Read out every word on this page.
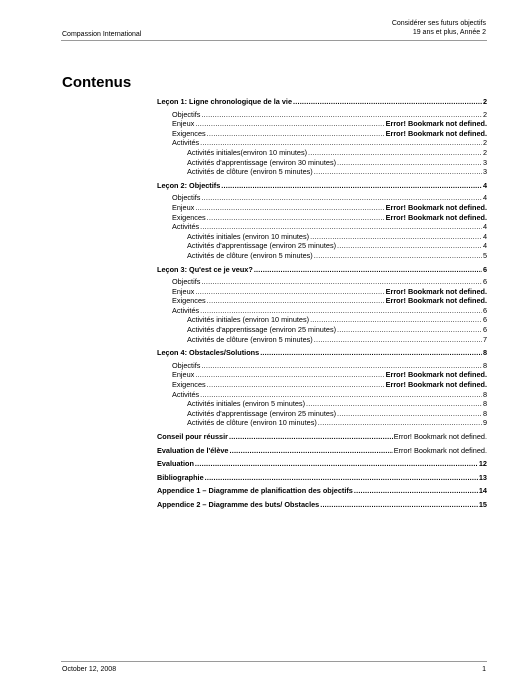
Compassion International
Considérer ses futurs objectifs
19 ans et plus, Année 2
Contenus
Leçon 1: Ligne chronologique de la vie .....	2
Objectifs .....	2
Enjeux .....	Error! Bookmark not defined.
Exigences .....	Error! Bookmark not defined.
Activités .....	2
Activités initiales(environ 10 minutes) .....	2
Activités d'apprentissage (environ 30 minutes) .....	3
Activités de clôture (environ 5 minutes) .....	3
Leçon 2: Objectifs .....	4
Objectifs .....	4
Enjeux .....	Error! Bookmark not defined.
Exigences .....	Error! Bookmark not defined.
Activités .....	4
Activités initiales (environ 10 minutes) .....	4
Activités d'apprentissage (environ 25 minutes) .....	4
Activités de clôture (environ 5 minutes) .....	5
Leçon 3: Qu'est ce je veux? .....	6
Objectifs .....	6
Enjeux .....	Error! Bookmark not defined.
Exigences .....	Error! Bookmark not defined.
Activités .....	6
Activités initiales (environ 10 minutes) .....	6
Activités d'apprentissage (environ 25 minutes) .....	6
Activités de clôture (environ 5 minutes) .....	7
Leçon 4: Obstacles/Solutions .....	8
Objectifs .....	8
Enjeux .....	Error! Bookmark not defined.
Exigences .....	Error! Bookmark not defined.
Activités .....	8
Activités initiales (environ 5 minutes) .....	8
Activités d'apprentissage (environ 25 minutes) .....	8
Activités de clôture (environ 10 minutes) .....	9
Conseil pour réussir .....	Error! Bookmark not defined.
Evaluation de l'élève .....	Error! Bookmark not defined.
Evaluation .....	12
Bibliographie .....	13
Appendice 1 – Diagramme de planificattion des objectifs .....	14
Appendice 2 – Diagramme des buts/ Obstacles .....	15
October 12, 2008	1
